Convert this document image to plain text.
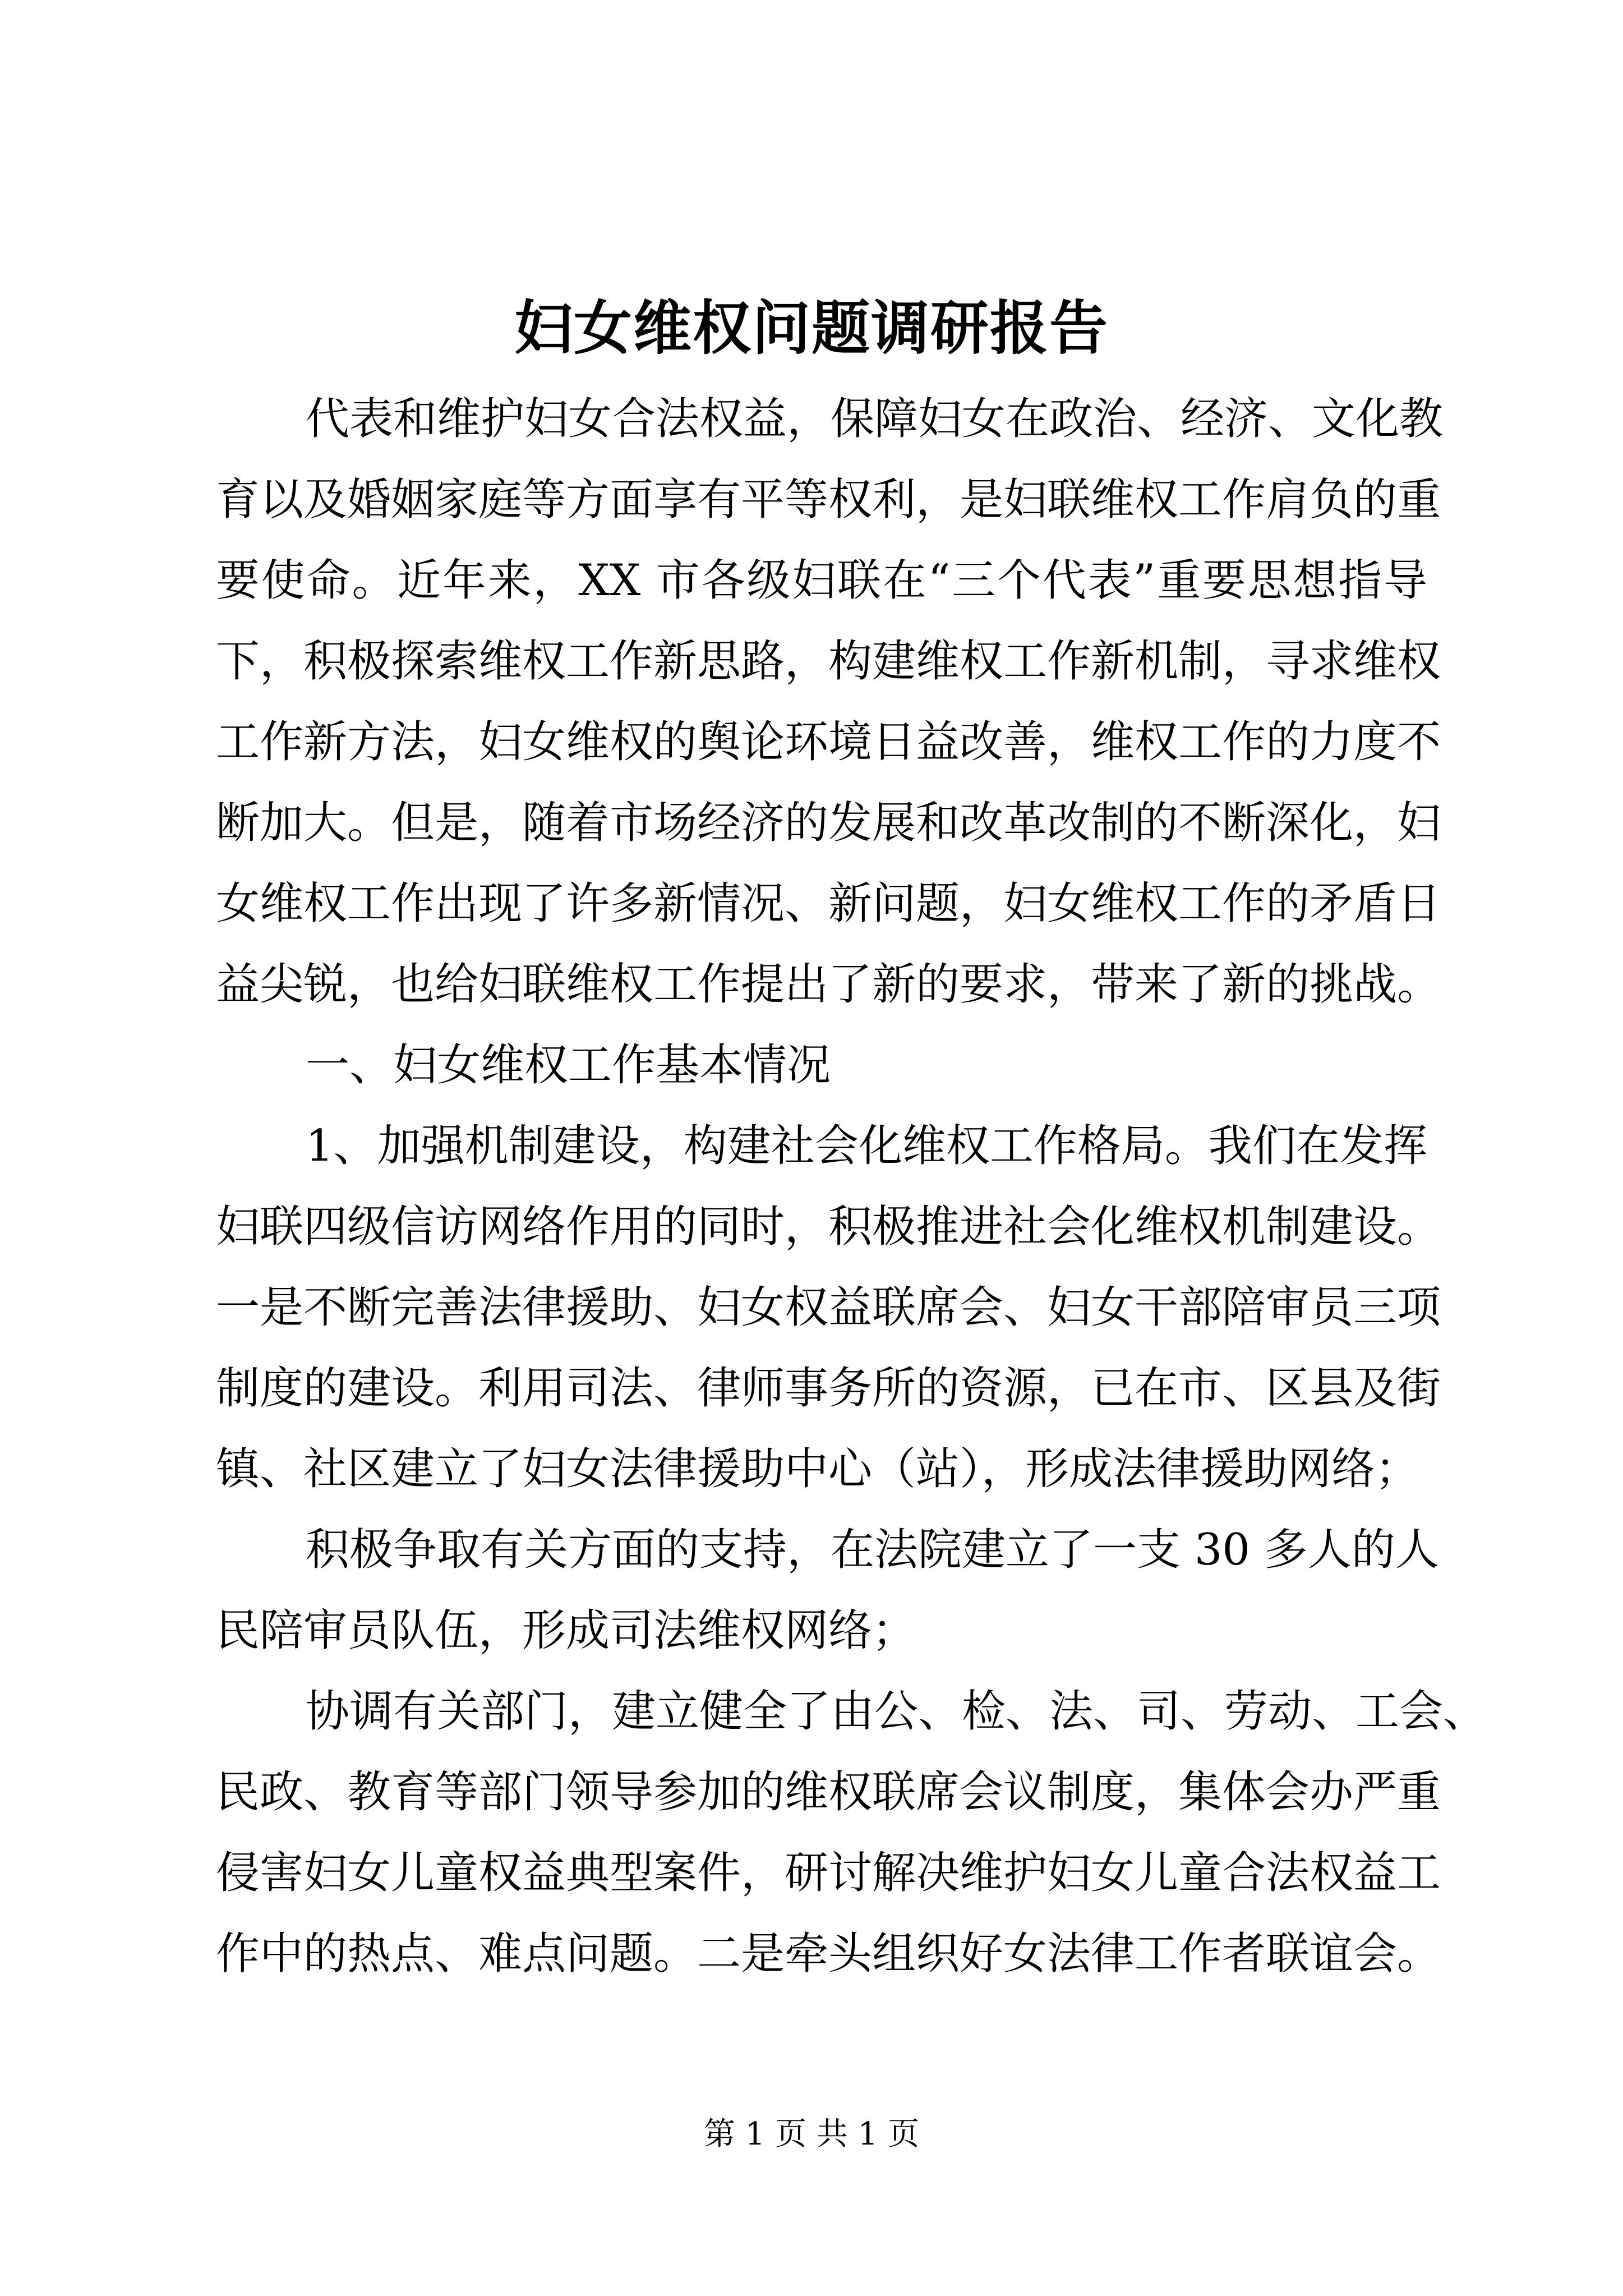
妇女维权问题调研报告
代表和维护妇女合法权益，保障妇女在政治、经济、文化教
育以及婚姻家庭等方面享有平等权利，是妇联维权工作肩负的重
要使命。近年来，XX 市各级妇联在“三个代表”重要思想指导
下，积极探索维权工作新思路，构建维权工作新机制，寻求维权
工作新方法，妇女维权的舆论环境日益改善，维权工作的力度不
断加大。但是，随着市场经济的发展和改革改制的不断深化，妇
女维权工作出现了许多新情况、新问题，妇女维权工作的矛盾日
益尖锐，也给妇联维权工作提出了新的要求，带来了新的挑战。
一、妇女维权工作基本情况
1、加强机制建设，构建社会化维权工作格局。我们在发挥
妇联四级信访网络作用的同时，积极推进社会化维权机制建设。
一是不断完善法律援助、妇女权益联席会、妇女干部陪审员三项
制度的建设。利用司法、律师事务所的资源，已在市、区县及街
镇、社区建立了妇女法律援助中心（站），形成法律援助网络；
积极争取有关方面的支持，在法院建立了一支 30 多人的人
民陪审员队伍，形成司法维权网络；
协调有关部门，建立健全了由公、检、法、司、劳动、工会、
民政、教育等部门领导参加的维权联席会议制度，集体会办严重
侵害妇女儿童权益典型案件，研讨解决维护妇女儿童合法权益工
作中的热点、难点问题。二是牵头组织好女法律工作者联谊会。
第 1 页 共 1 页
